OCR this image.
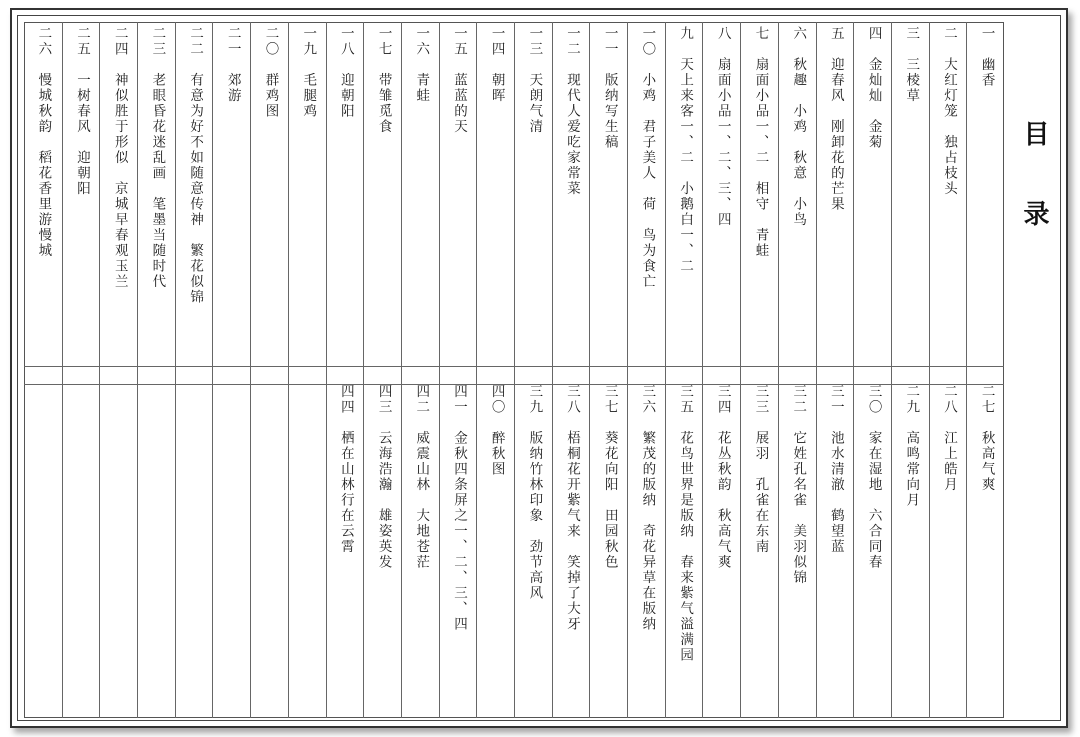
一　幽香
二七　秋高气爽
二　大红灯笼　独占枝头
二八　江上皓月
三　三棱草
二九　高鸣常向月
四　金灿灿　金菊
三〇　家在湿地　六合同春
五　迎春风　刚卸花的芒果
三一　池水清澈　鹤望蓝
六　秋趣　小鸡　秋意　小鸟
三二　它姓孔名雀　美羽似锦
七　扇面小品一、二　相守　青蛙
三三　展羽　孔雀在东南
八　扇面小品一、二、三、四
三四　花丛秋韵　秋高气爽
九　天上来客一、二　小鹅白一、二
三五　花鸟世界是版纳　春来紫气溢满园
一〇　小鸡　君子美人　荷　鸟为食亡
三六　繁茂的版纳　奇花异草在版纳
一一　版纳写生稿
三七　葵花向阳　田园秋色
一二　现代人爱吃家常菜
三八　梧桐花开紫气来　笑掉了大牙
一三　天朗气清
三九　版纳竹林印象　劲节高风
一四　朝晖
四〇　醉秋图
一五　蓝蓝的天
四一　金秋四条屏之一、二、三、四
一六　青蛙
四二　威震山林　大地苍茫
一七　带雏觅食
四三　云海浩瀚　雄姿英发
一八　迎朝阳
四四　栖在山林行在云霄
一九　毛腿鸡
二〇　群鸡图
二一　郊游
二二　有意为好不如随意传神　繁花似锦
二三　老眼昏花迷乱画　笔墨当随时代
二四　神似胜于形似　京城早春观玉兰
二五　一树春风　迎朝阳
二六　慢城秋韵　稻花香里游慢城	目录
